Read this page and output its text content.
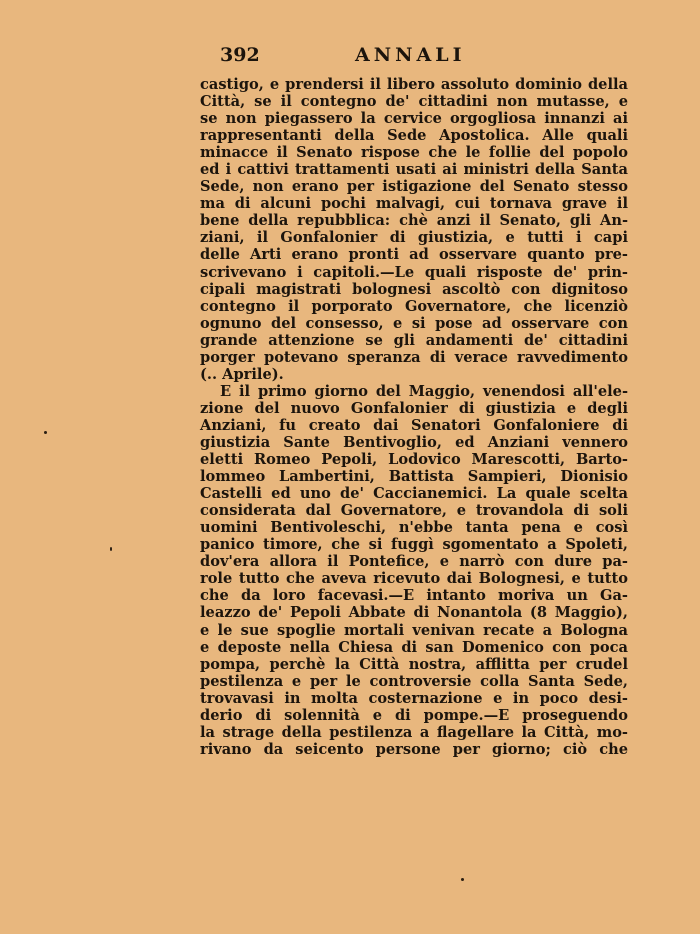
392	ANNALI
castigo, e prendersi il libero assoluto dominio della
Città, se il contegno de' cittadini non mutasse, e
se non piegassero la cervice orgogliosa innanzi ai
rappresentanti della Sede Apostolica. Alle quali
minacce il Senato rispose che le follie del popolo
ed i cattivi trattamenti usati ai ministri della Santa
Sede, non erano per istigazione del Senato stesso
ma di alcuni pochi malvagi, cui tornava grave il
bene della repubblica: chè anzi il Senato, gli An-
ziani, il Gonfalonier di giustizia, e tutti i capi
delle Arti erano pronti ad osservare quanto pre-
scrivevano i capitoli.—Le quali risposte de' prin-
cipali magistrati bolognesi ascoltò con dignitoso
contegno il porporato Governatore, che licenziò
ognuno del consesso, e si pose ad osservare con
grande attenzione se gli andamenti de' cittadini
porger potevano speranza di verace ravvedimento
(.. Aprile).
E il primo giorno del Maggio, venendosi all'ele-
zione del nuovo Gonfalonier di giustizia e degli
Anziani, fu creato dai Senatori Gonfaloniere di
giustizia Sante Bentivoglio, ed Anziani vennero
eletti Romeo Pepoli, Lodovico Marescotti, Barto-
lommeo Lambertini, Battista Sampieri, Dionisio
Castelli ed uno de' Caccianemici. La quale scelta
considerata dal Governatore, e trovandola di soli
uomini Bentivoleschi, n'ebbe tanta pena e così
panico timore, che si fuggì sgomentato a Spoleti,
dov'era allora il Pontefice, e narrò con dure pa-
role tutto che aveva ricevuto dai Bolognesi, e tutto
che da loro facevasi.—E intanto moriva un Ga-
leazzo de' Pepoli Abbate di Nonantola (8 Maggio),
e le sue spoglie mortali venivan recate a Bologna
e deposte nella Chiesa di san Domenico con poca
pompa, perchè la Città nostra, afflitta per crudel
pestilenza e per le controversie colla Santa Sede,
trovavasi in molta costernazione e in poco desi-
derio di solennità e di pompe.—E proseguendo
la strage della pestilenza a flagellare la Città, mo-
rivano da seicento persone per giorno; ciò che
